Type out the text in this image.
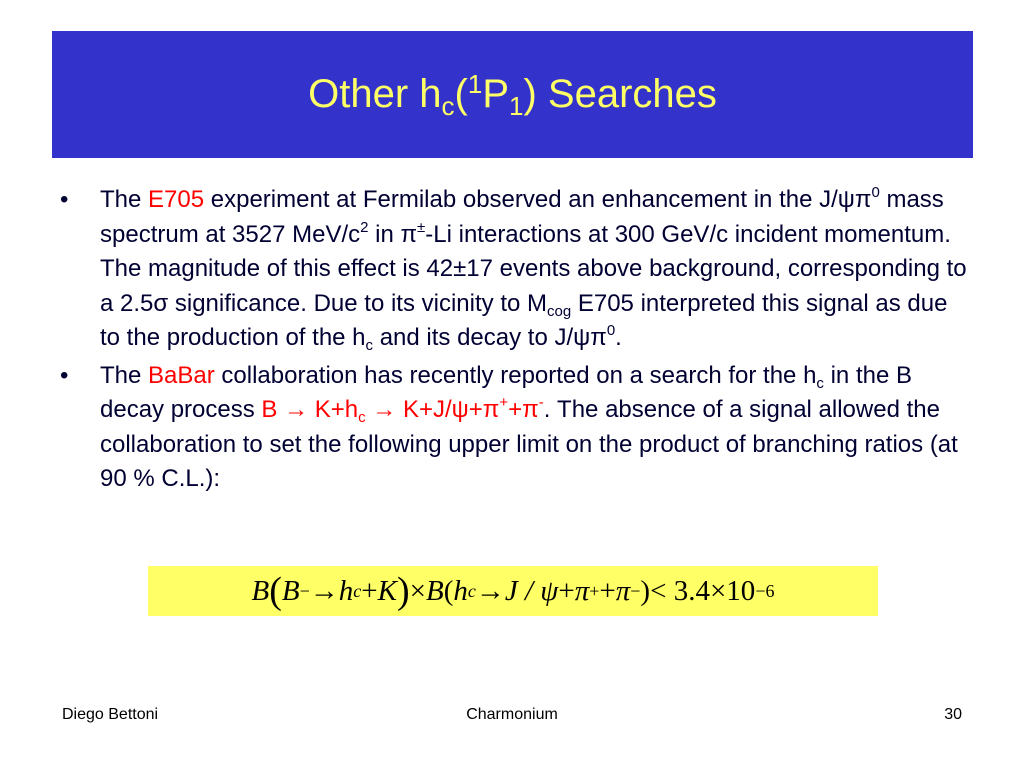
Other $h_c(^1P_1)$ Searches
•	The E705 experiment at Fermilab observed an enhancement in the $J/\psi\pi^0$ mass spectrum at 3527 MeV/$c^2$ in π±-Li interactions at 300 GeV/c incident momentum. The magnitude of this effect is 42±17 events above background, corresponding to a 2.5σ significance. Due to its vicinity to $M_{cog}$ E705 interpreted this signal as due to the production of the $h_c$ and its decay to $J/\psi\pi^0$.
•	The BaBar collaboration has recently reported on a search for the $h_c$ in the B decay process $B \to K+h_c \to K+J/\psi+\pi^++\pi^-$. The absence of a signal allowed the collaboration to set the following upper limit on the product of branching ratios (at 90 % C.L.):
B ( B − → h c + K ) × B ( h c → J / ψ + π + + π − ) < 3.4×10 −6
Diego Bettoni	Charmonium	30
